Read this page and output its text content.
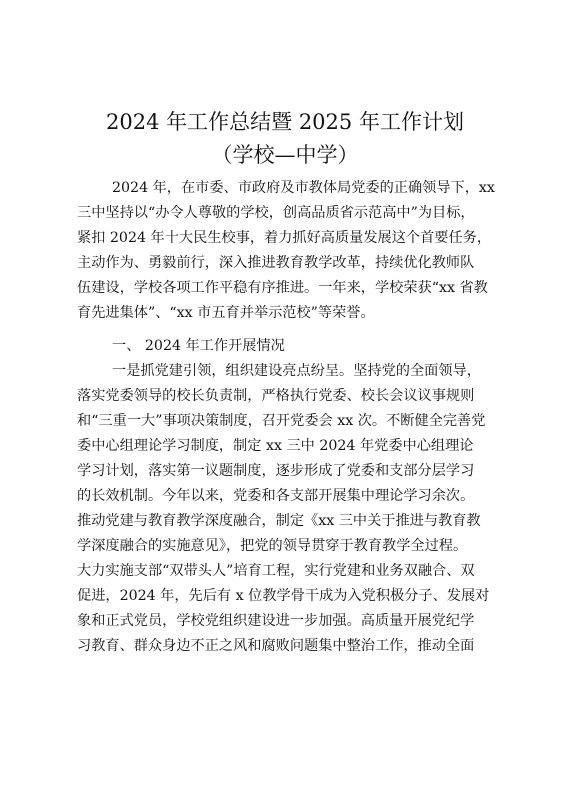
2024 年工作总结暨 2025 年工作计划
（学校—中学）
2024 年，在市委、市政府及市教体局党委的正确领导下，xx
三中坚持以“办令人尊敬的学校，创高品质省示范高中”为目标，
紧扣 2024 年十大民生校事，着力抓好高质量发展这个首要任务，
主动作为、勇毅前行，深入推进教育教学改革，持续优化教师队
伍建设，学校各项工作平稳有序推进。一年来，学校荣获“xx 省教
育先进集体”、“xx 市五育并举示范校”等荣誉。
一、 2024 年工作开展情况
一是抓党建引领，组织建设亮点纷呈。坚持党的全面领导，
落实党委领导的校长负责制，严格执行党委、校长会议议事规则
和“三重一大”事项决策制度，召开党委会 xx 次。不断健全完善党
委中心组理论学习制度，制定 xx 三中 2024 年党委中心组理论
学习计划，落实第一议题制度，逐步形成了党委和支部分层学习
的长效机制。今年以来，党委和各支部开展集中理论学习余次。
推动党建与教育教学深度融合，制定《xx 三中关于推进与教育教
学深度融合的实施意见》，把党的领导贯穿于教育教学全过程。
大力实施支部“双带头人”培育工程，实行党建和业务双融合、双
促进，2024 年，先后有 x 位教学骨干成为入党积极分子、发展对
象和正式党员，学校党组织建设进一步加强。高质量开展党纪学
习教育、群众身边不正之风和腐败问题集中整治工作，推动全面
